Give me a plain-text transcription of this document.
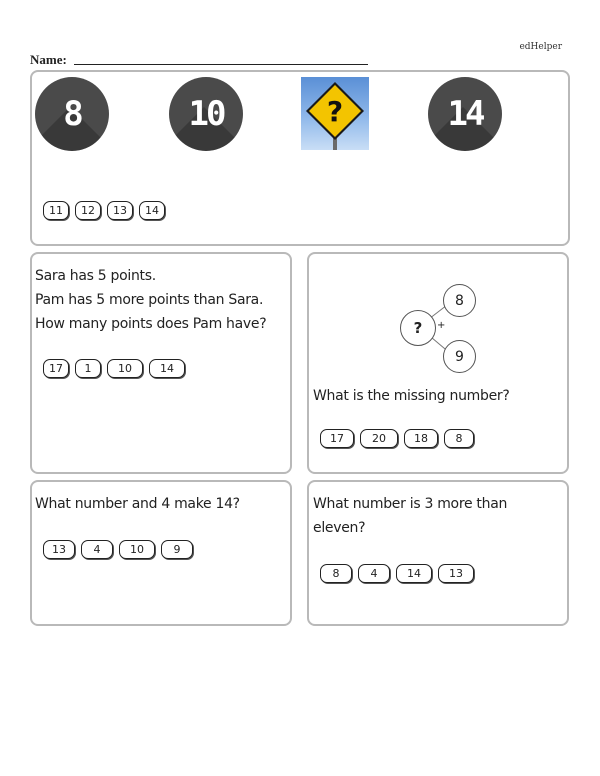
edHelper
Name:
8	10	?	14
11	12	13	14
Sara has 5 points.
Pam has 5 more points than Sara.
How many points does Pam have?
17	1	10	14
?	+
8
9
What is the missing number?
17	20	18	8
What number and 4 make 14?
13	4	10	9
What number is 3 more than
eleven?
8	4	14	13
